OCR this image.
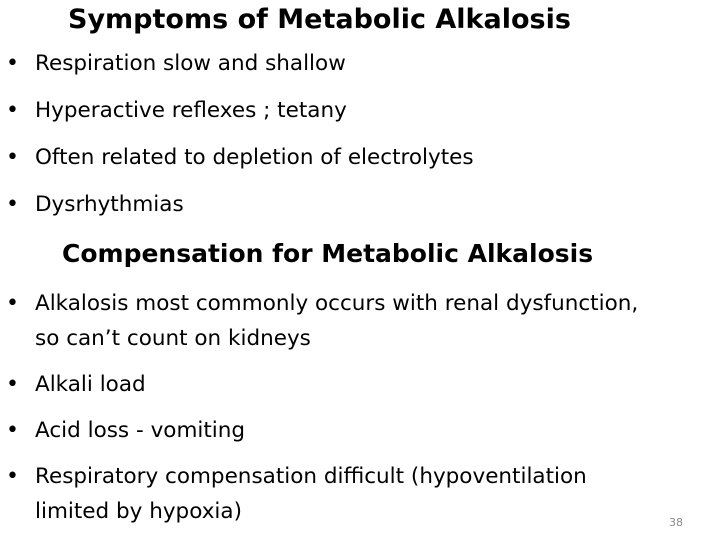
Symptoms of Metabolic Alkalosis
• Respiration slow and shallow
• Hyperactive reflexes ; tetany
• Often related to depletion of electrolytes
• Dysrhythmias
Compensation for Metabolic Alkalosis
• Alkalosis most commonly occurs with renal dysfunction, so can’t count on kidneys
• Alkali load
• Acid loss - vomiting
• Respiratory compensation difficult (hypoventilation limited by hypoxia)	38
